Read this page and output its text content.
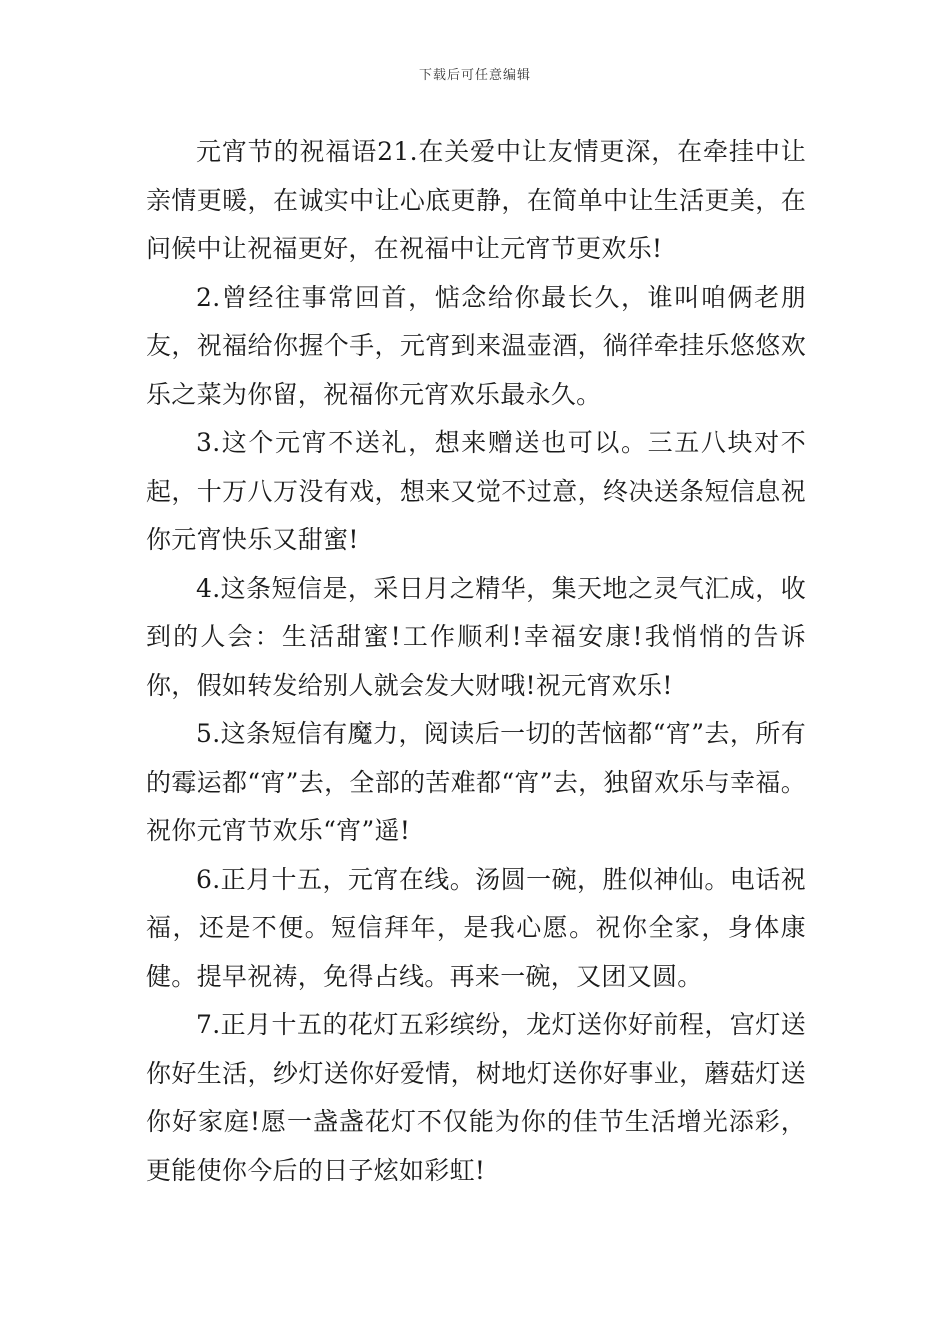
下载后可任意编辑

元宵节的祝福语21.在关爱中让友情更深，在牵挂中让亲情更暖，在诚实中让心底更静，在简单中让生活更美，在问候中让祝福更好，在祝福中让元宵节更欢乐!

2.曾经往事常回首，惦念给你最长久，谁叫咱俩老朋友，祝福给你握个手，元宵到来温壶酒，徜徉牵挂乐悠悠欢乐之菜为你留，祝福你元宵欢乐最永久。

3.这个元宵不送礼，想来赠送也可以。三五八块对不起，十万八万没有戏，想来又觉不过意，终决送条短信息祝你元宵快乐又甜蜜!

4.这条短信是，采日月之精华，集天地之灵气汇成，收到的人会：生活甜蜜!工作顺利!幸福安康!我悄悄的告诉你，假如转发给别人就会发大财哦!祝元宵欢乐!

5.这条短信有魔力，阅读后一切的苦恼都“宵”去，所有的霉运都“宵”去，全部的苦难都“宵”去，独留欢乐与幸福。祝你元宵节欢乐“宵”遥!

6.正月十五，元宵在线。汤圆一碗，胜似神仙。电话祝福，还是不便。短信拜年，是我心愿。祝你全家，身体康健。提早祝祷，免得占线。再来一碗，又团又圆。

7.正月十五的花灯五彩缤纷，龙灯送你好前程，宫灯送你好生活，纱灯送你好爱情，树地灯送你好事业，蘑菇灯送你好家庭!愿一盏盏花灯不仅能为你的佳节生活增光添彩，更能使你今后的日子炫如彩虹!
